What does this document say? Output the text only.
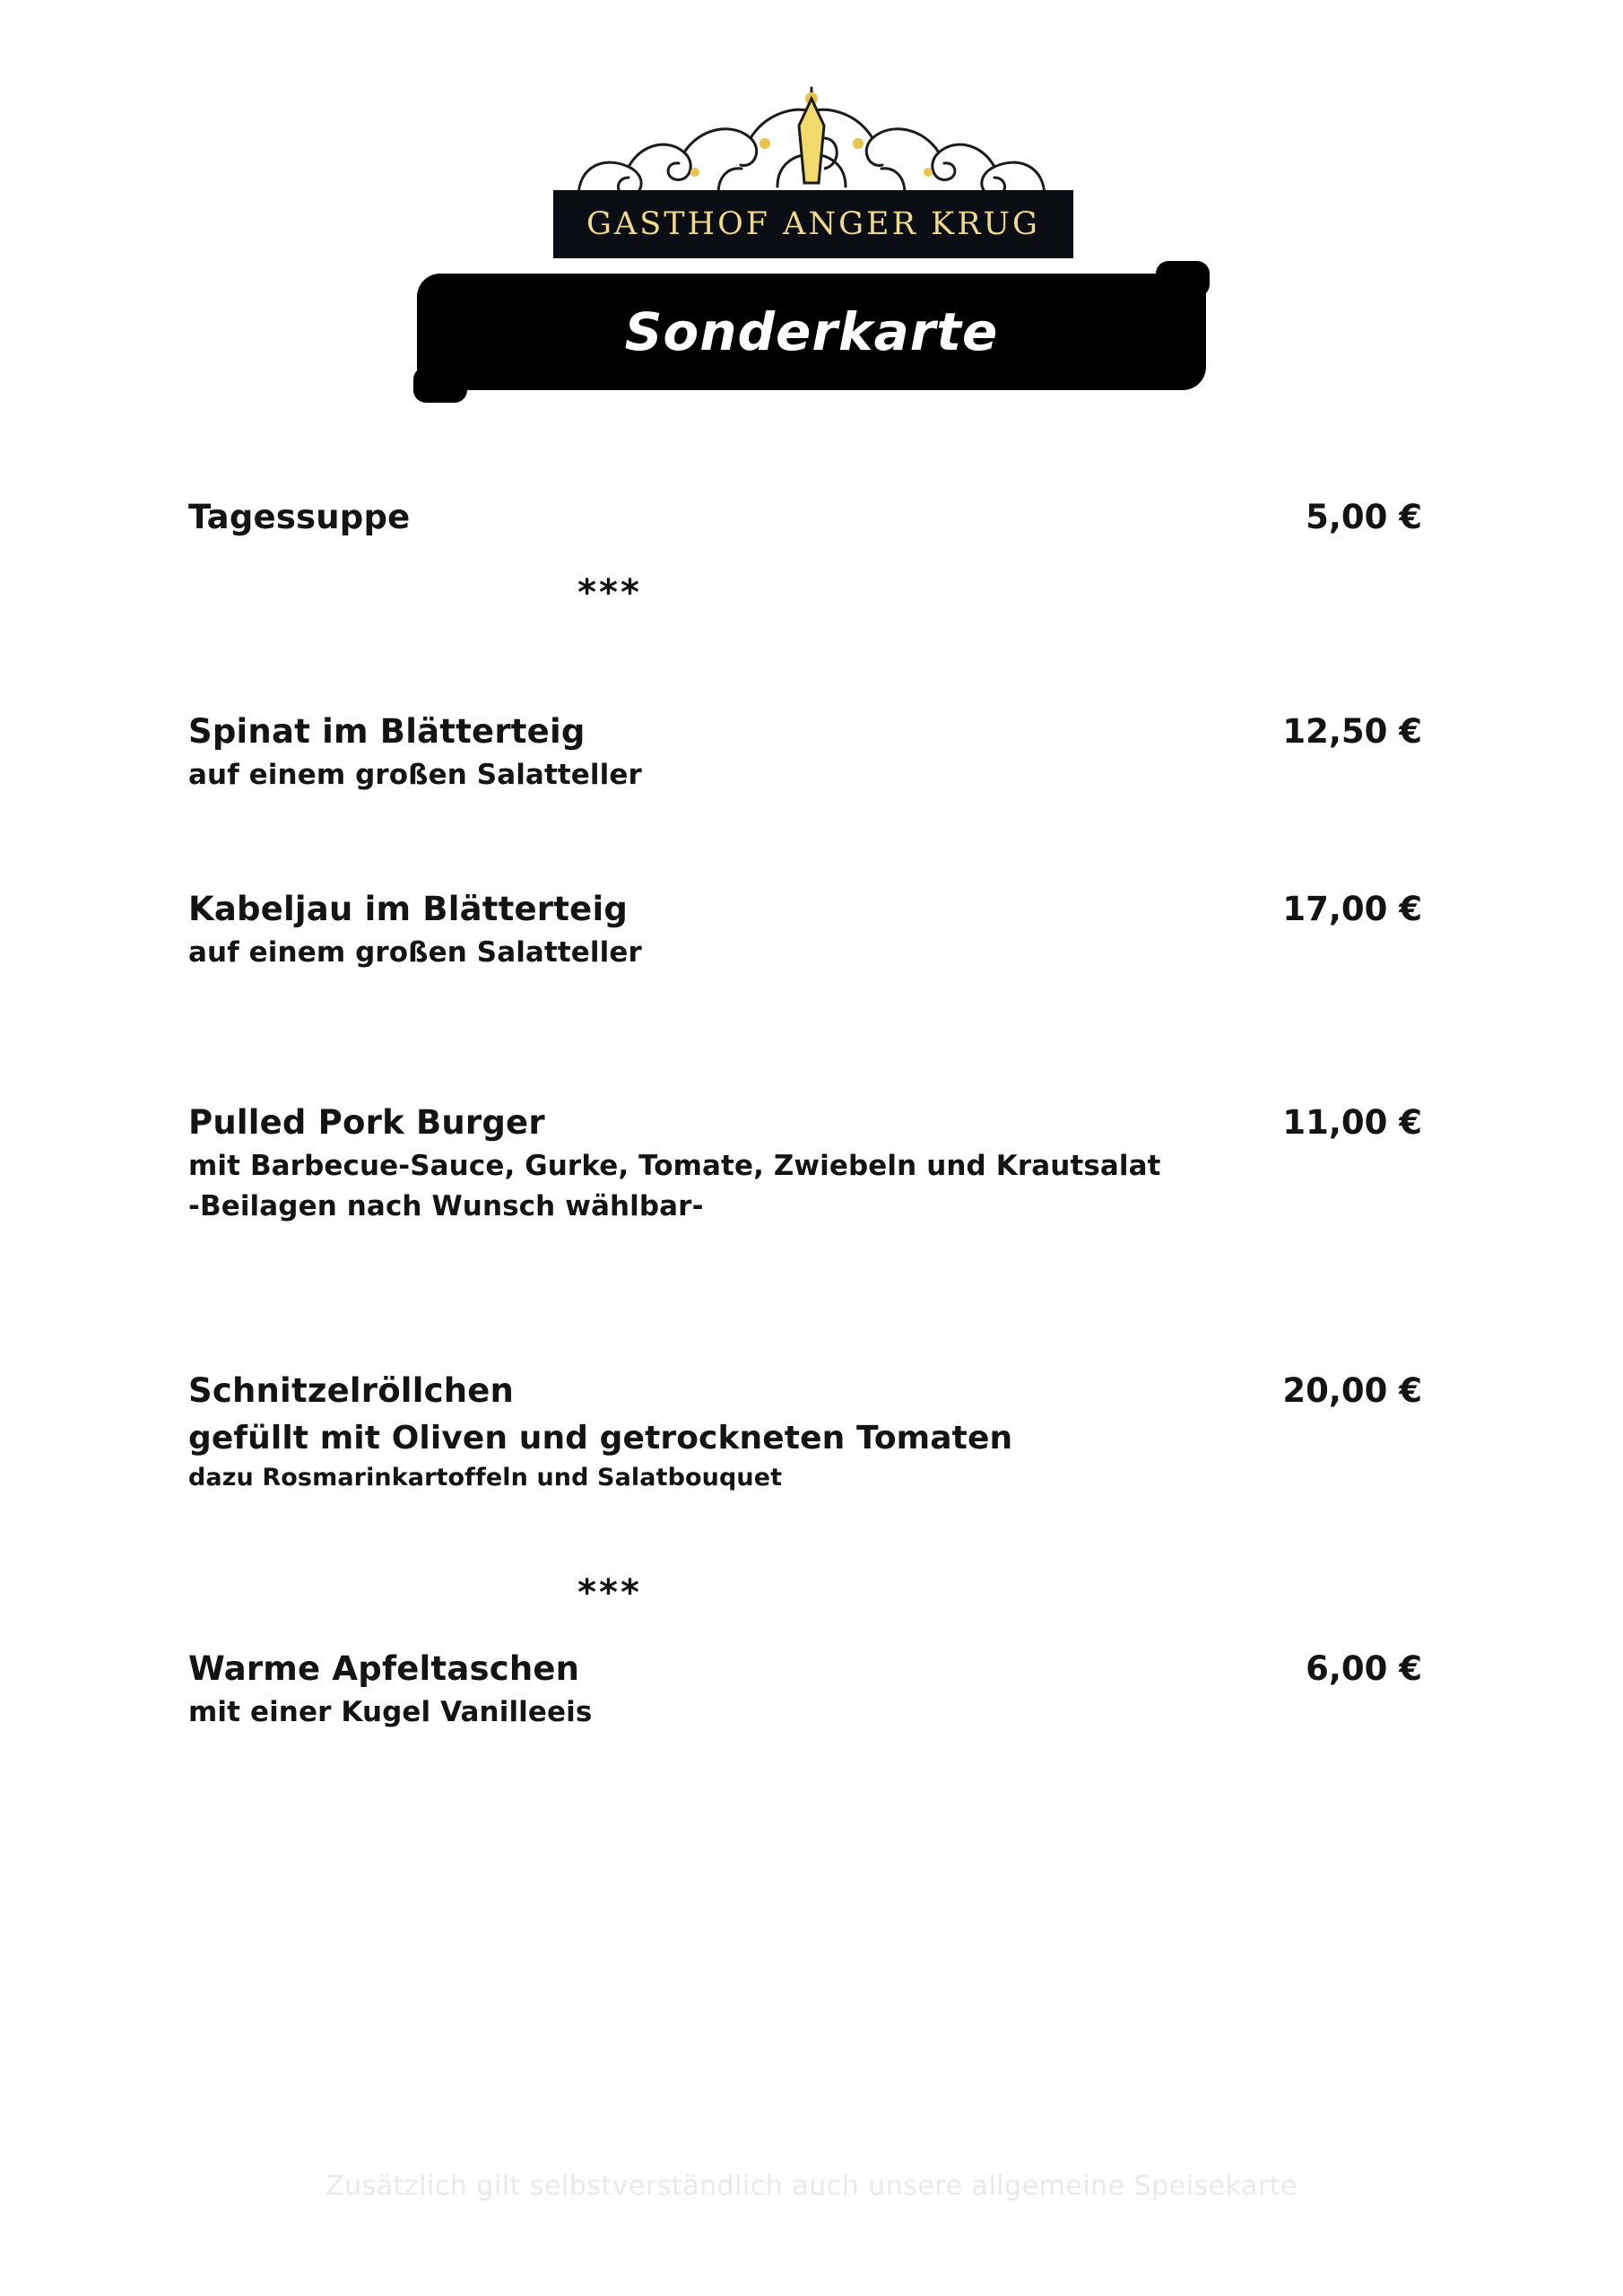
GASTHOF ANGER KRUG
Sonderkarte
Tagessuppe	5,00 €
***
Spinat im Blätterteig	12,50 €
auf einem großen Salatteller
Kabeljau im Blätterteig	17,00 €
auf einem großen Salatteller
Pulled Pork Burger	11,00 €
mit Barbecue-Sauce, Gurke, Tomate, Zwiebeln und Krautsalat
-Beilagen nach Wunsch wählbar-
Schnitzelröllchen	20,00 €
gefüllt mit Oliven und getrockneten Tomaten
dazu Rosmarinkartoffeln und Salatbouquet
***
Warme Apfeltaschen	6,00 €
mit einer Kugel Vanilleeis
Zusätzlich gilt selbstverständlich auch unsere allgemeine Speisekarte
